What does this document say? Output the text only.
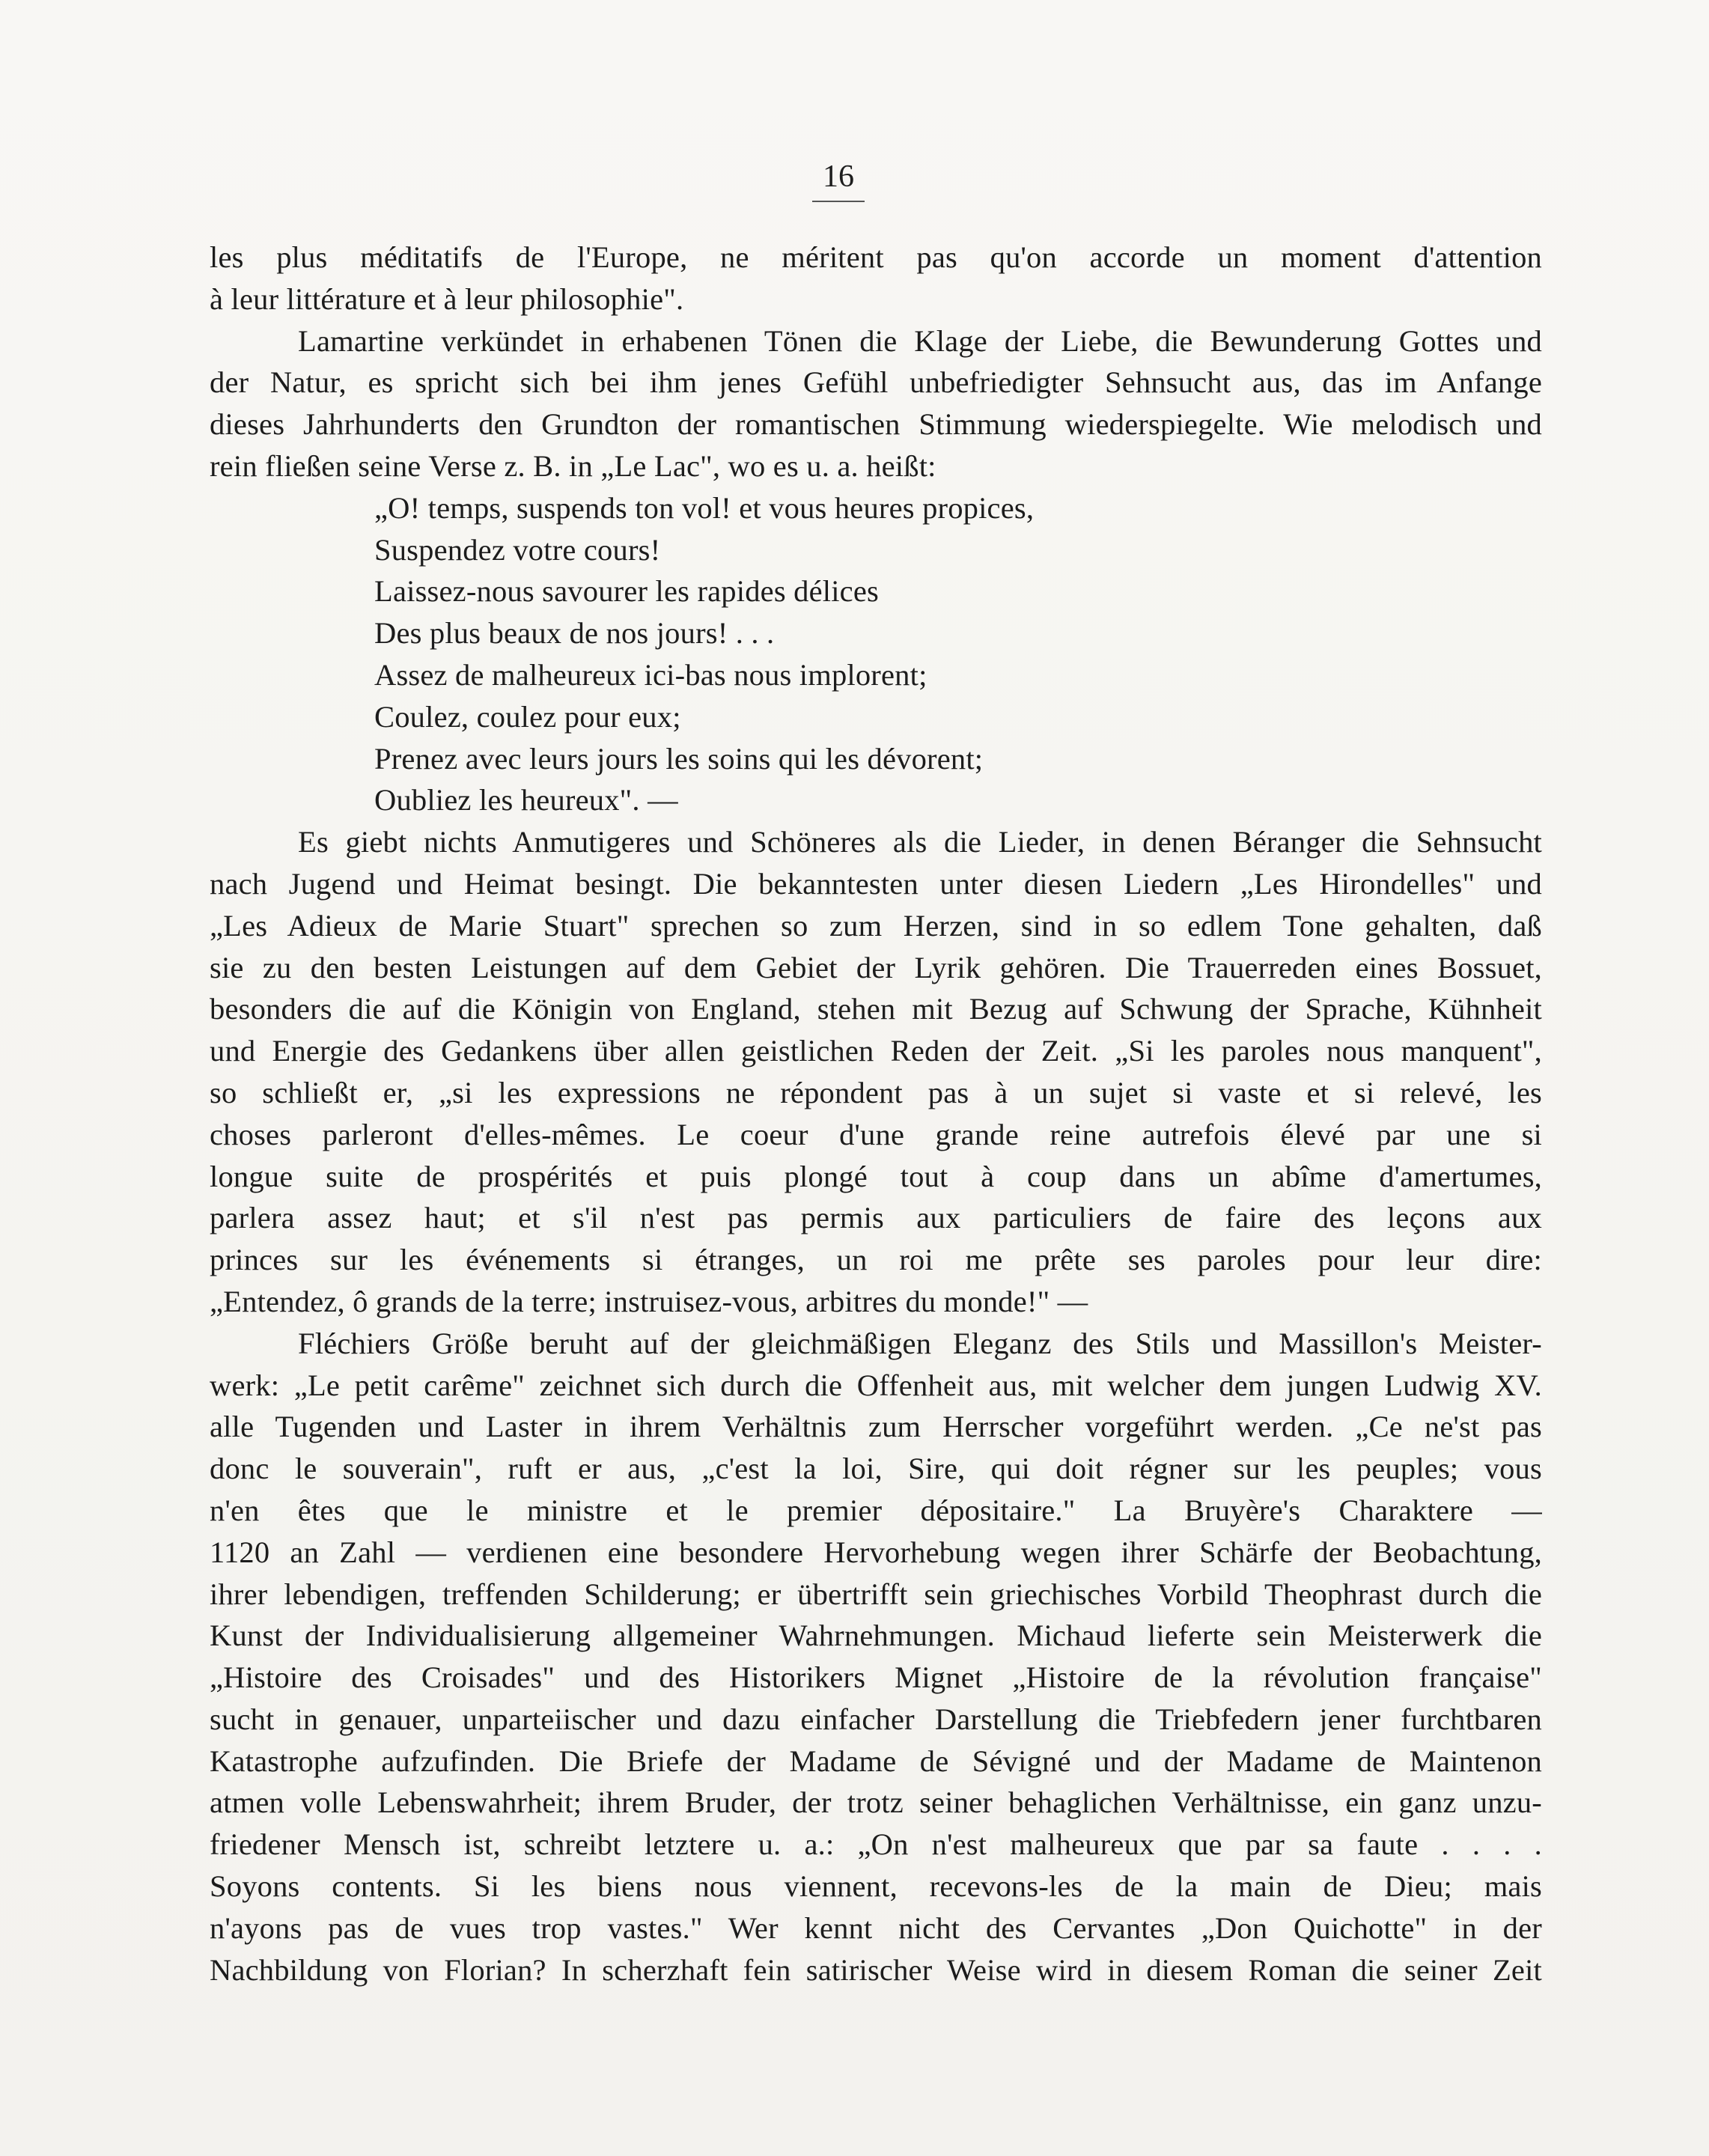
16
les plus méditatifs de l'Europe, ne méritent pas qu'on accorde un moment d'attention
à leur littérature et à leur philosophie".
Lamartine verkündet in erhabenen Tönen die Klage der Liebe, die Bewunderung Gottes und
der Natur, es spricht sich bei ihm jenes Gefühl unbefriedigter Sehnsucht aus, das im Anfange
dieses Jahrhunderts den Grundton der romantischen Stimmung wiederspiegelte. Wie melodisch und
rein fließen seine Verse z. B. in „Le Lac", wo es u. a. heißt:
„O! temps, suspends ton vol! et vous heures propices,
Suspendez votre cours!
Laissez-nous savourer les rapides délices
Des plus beaux de nos jours! . . .
Assez de malheureux ici-bas nous implorent;
Coulez, coulez pour eux;
Prenez avec leurs jours les soins qui les dévorent;
Oubliez les heureux". —
Es giebt nichts Anmutigeres und Schöneres als die Lieder, in denen Béranger die Sehnsucht
nach Jugend und Heimat besingt. Die bekanntesten unter diesen Liedern „Les Hirondelles" und
„Les Adieux de Marie Stuart" sprechen so zum Herzen, sind in so edlem Tone gehalten, daß
sie zu den besten Leistungen auf dem Gebiet der Lyrik gehören. Die Trauerreden eines Bossuet,
besonders die auf die Königin von England, stehen mit Bezug auf Schwung der Sprache, Kühnheit
und Energie des Gedankens über allen geistlichen Reden der Zeit. „Si les paroles nous manquent",
so schließt er, „si les expressions ne répondent pas à un sujet si vaste et si relevé, les
choses parleront d'elles-mêmes. Le coeur d'une grande reine autrefois élevé par une si
longue suite de prospérités et puis plongé tout à coup dans un abîme d'amertumes,
parlera assez haut; et s'il n'est pas permis aux particuliers de faire des leçons aux
princes sur les événements si étranges, un roi me prête ses paroles pour leur dire:
„Entendez, ô grands de la terre; instruisez-vous, arbitres du monde!" —
Fléchiers Größe beruht auf der gleichmäßigen Eleganz des Stils und Massillon's Meister-
werk: „Le petit carême" zeichnet sich durch die Offenheit aus, mit welcher dem jungen Ludwig XV.
alle Tugenden und Laster in ihrem Verhältnis zum Herrscher vorgeführt werden. „Ce ne'st pas
donc le souverain", ruft er aus, „c'est la loi, Sire, qui doit régner sur les peuples; vous
n'en êtes que le ministre et le premier dépositaire." La Bruyère's Charaktere —
1120 an Zahl — verdienen eine besondere Hervorhebung wegen ihrer Schärfe der Beobachtung,
ihrer lebendigen, treffenden Schilderung; er übertrifft sein griechisches Vorbild Theophrast durch die
Kunst der Individualisierung allgemeiner Wahrnehmungen. Michaud lieferte sein Meisterwerk die
„Histoire des Croisades" und des Historikers Mignet „Histoire de la révolution française"
sucht in genauer, unparteiischer und dazu einfacher Darstellung die Triebfedern jener furchtbaren
Katastrophe aufzufinden. Die Briefe der Madame de Sévigné und der Madame de Maintenon
atmen volle Lebenswahrheit; ihrem Bruder, der trotz seiner behaglichen Verhältnisse, ein ganz unzu-
friedener Mensch ist, schreibt letztere u. a.: „On n'est malheureux que par sa faute . . . .
Soyons contents. Si les biens nous viennent, recevons-les de la main de Dieu; mais
n'ayons pas de vues trop vastes." Wer kennt nicht des Cervantes „Don Quichotte" in der
Nachbildung von Florian? In scherzhaft fein satirischer Weise wird in diesem Roman die seiner Zeit
